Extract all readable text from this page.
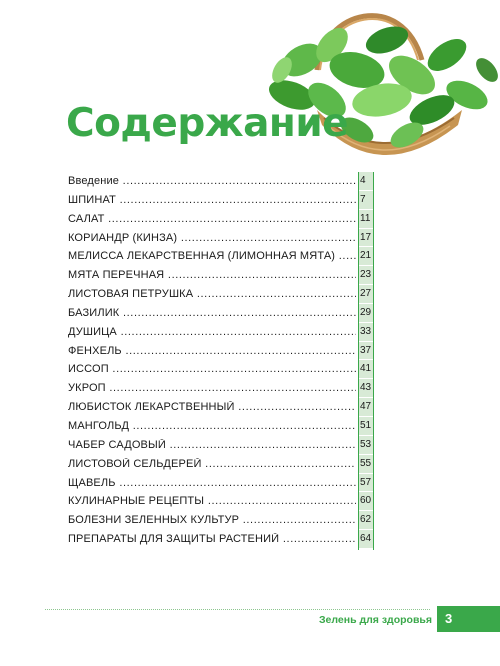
Содержание
Введение .....	4
ШПИНАТ .....	7
САЛАТ .....	11
КОРИАНДР (КИНЗА) .....	17
МЕЛИССА ЛЕКАРСТВЕННАЯ (ЛИМОННАЯ МЯТА) .....	21
МЯТА ПЕРЕЧНАЯ .....	23
ЛИСТОВАЯ ПЕТРУШКА .....	27
БАЗИЛИК .....	29
ДУШИЦА .....	33
ФЕНХЕЛЬ .....	37
ИССОП .....	41
УКРОП .....	43
ЛЮБИСТОК ЛЕКАРСТВЕННЫЙ .....	47
МАНГОЛЬД .....	51
ЧАБЕР САДОВЫЙ .....	53
ЛИСТОВОЙ СЕЛЬДЕРЕЙ .....	55
ЩАВЕЛЬ .....	57
КУЛИНАРНЫЕ РЕЦЕПТЫ .....	60
БОЛЕЗНИ ЗЕЛЕННЫХ КУЛЬТУР .....	62
ПРЕПАРАТЫ ДЛЯ ЗАЩИТЫ РАСТЕНИЙ .....	64
Зелень для здоровья 3
